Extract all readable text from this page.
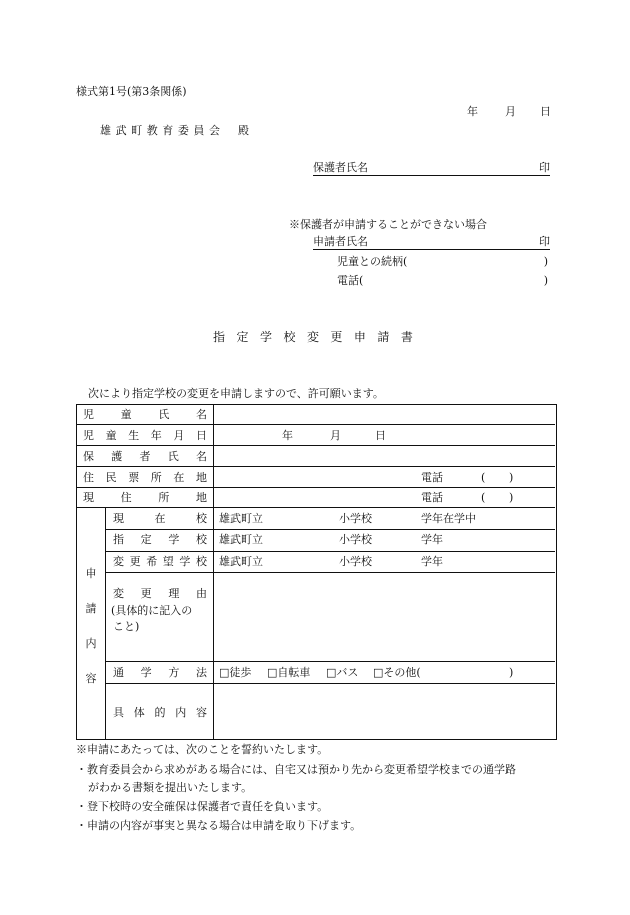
様式第1号(第3条関係)
年 月 日
雄 武 町 教 育 委 員 会 殿
保護者氏名	印
※保護者が申請することができない場合
申請者氏名	印
児童との続柄(	)
電話(	)
指 定 学 校 変 更 申 請 書
次により指定学校の変更を申請しますので、許可願います。
児 童 氏 名
児 童 生 年 月 日	年	月	日
保 護 者 氏 名
住 民 票 所 在 地	電話	( )
現 住 所 地	電話	( )
申
請
内
容
現	在	校 雄武町立	小学校	学年在学中
指 定 学 校 雄武町立	小学校	学年
変 更 希 望 学 校 雄武町立	小学校	学年
変 更 理 由
(具体的に記入の
こと)
通 学 方 法 □徒歩 □自転車 □バス □その他(	)
具 体 的 内 容
※申請にあたっては、次のことを誓約いたします。
・教育委員会から求めがある場合には、自宅又は預かり先から変更希望学校までの通学路
がわかる書類を提出いたします。
・登下校時の安全確保は保護者で責任を負います。
・申請の内容が事実と異なる場合は申請を取り下げます。
